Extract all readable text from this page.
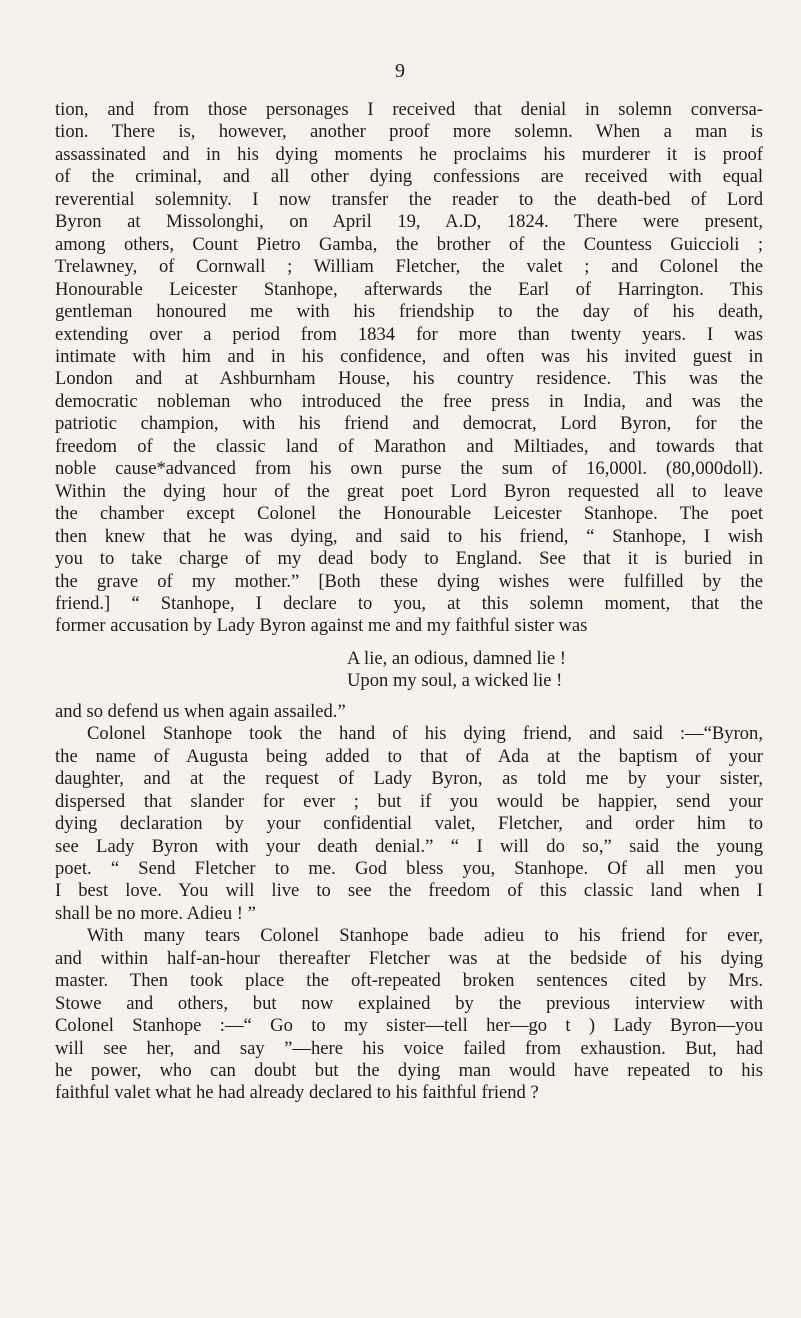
9

tion, and from those personages I received that denial in solemn conversa-

tion. There is, however, another proof more solemn. When a man is

assassinated and in his dying moments he proclaims his murderer it is proof

of the criminal, and all other dying confessions are received with equal

reverential solemnity. I now transfer the reader to the death-bed of Lord

Byron at Missolonghi, on April 19, A.D, 1824. There were present,

among others, Count Pietro Gamba, the brother of the Countess Guiccioli ;

Trelawney, of Cornwall ; William Fletcher, the valet ; and Colonel the

Honourable Leicester Stanhope, afterwards the Earl of Harrington. This

gentleman honoured me with his friendship to the day of his death,

extending over a period from 1834 for more than twenty years. I was

intimate with him and in his confidence, and often was his invited guest in

London and at Ashburnham House, his country residence. This was the

democratic nobleman who introduced the free press in India, and was the

patriotic champion, with his friend and democrat, Lord Byron, for the

freedom of the classic land of Marathon and Miltiades, and towards that

noble cause*advanced from his own purse the sum of 16,000l. (80,000doll).

Within the dying hour of the great poet Lord Byron requested all to leave

the chamber except Colonel the Honourable Leicester Stanhope. The poet

then knew that he was dying, and said to his friend, “ Stanhope, I wish

you to take charge of my dead body to England. See that it is buried in

the grave of my mother.” [Both these dying wishes were fulfilled by the

friend.] “ Stanhope, I declare to you, at this solemn moment, that the

former accusation by Lady Byron against me and my faithful sister was

A lie, an odious, damned lie !
Upon my soul, a wicked lie !

and so defend us when again assailed.”

Colonel Stanhope took the hand of his dying friend, and said :—“Byron,

the name of Augusta being added to that of Ada at the baptism of your

daughter, and at the request of Lady Byron, as told me by your sister,

dispersed that slander for ever ; but if you would be happier, send your

dying declaration by your confidential valet, Fletcher, and order him to

see Lady Byron with your death denial.” “ I will do so,” said the young

poet. “ Send Fletcher to me. God bless you, Stanhope. Of all men you

I best love. You will live to see the freedom of this classic land when I

shall be no more. Adieu ! ”

With many tears Colonel Stanhope bade adieu to his friend for ever,

and within half-an-hour thereafter Fletcher was at the bedside of his dying

master. Then took place the oft-repeated broken sentences cited by Mrs.

Stowe and others, but now explained by the previous interview with

Colonel Stanhope :—“ Go to my sister—tell her—go t ) Lady Byron—you

will see her, and say ”—here his voice failed from exhaustion. But, had

he power, who can doubt but the dying man would have repeated to his

faithful valet what he had already declared to his faithful friend ?
